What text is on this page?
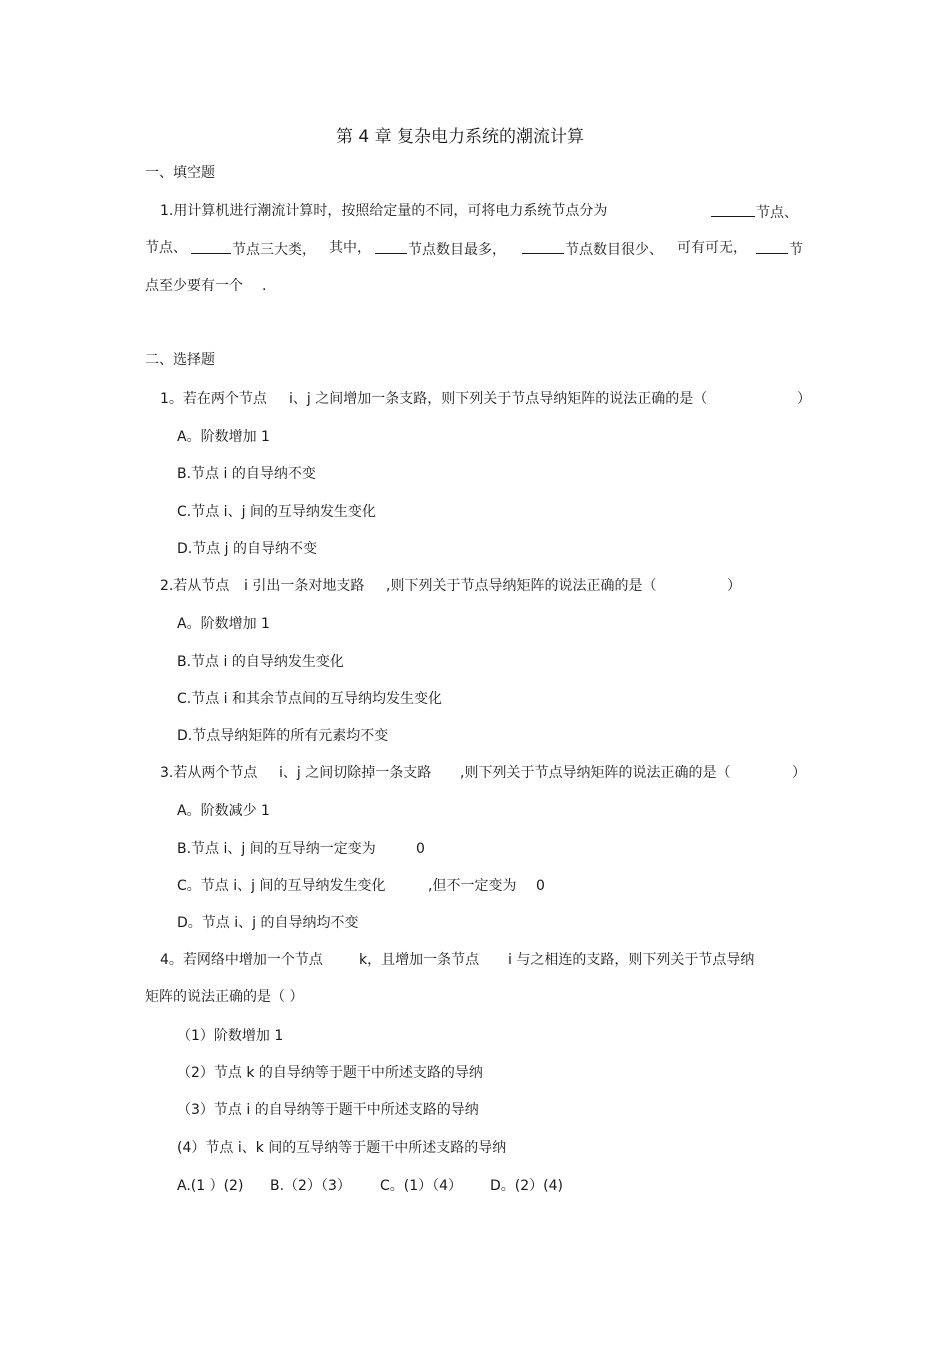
第 4 章 复杂电力系统的潮流计算
一、填空题
1.用计算机进行潮流计算时，按照给定量的不同，可将电力系统节点分为	节点、
节点、	节点三大类， 其中，	节点数目最多，	节点数目很少、 可有可无，	节
点至少要有一个 .
二、选择题
1。若在两个节点 i、j 之间增加一条支路，则下列关于节点导纳矩阵的说法正确的是（	）
A。阶数增加 1
B.节点 i 的自导纳不变
C.节点 i、j 间的互导纳发生变化
D.节点 j 的自导纳不变
2.若从节点 i 引出一条对地支路 ,则下列关于节点导纳矩阵的说法正确的是（	）
A。阶数增加 1
B.节点 i 的自导纳发生变化
C.节点 i 和其余节点间的互导纳均发生变化
D.节点导纳矩阵的所有元素均不变
3.若从两个节点 i、j 之间切除掉一条支路 ,则下列关于节点导纳矩阵的说法正确的是（	）
A。阶数减少 1
B.节点 i、j 间的互导纳一定变为	0
C。节点 i、j 间的互导纳发生变化	,但不一定变为 0
D。节点 i、j 的自导纳均不变
4。若网络中增加一个节点	k，且增加一条节点 i 与之相连的支路，则下列关于节点导纳
矩阵的说法正确的是（ ）
（1）阶数增加 1
（2）节点 k 的自导纳等于题干中所述支路的导纳
（3）节点 i 的自导纳等于题干中所述支路的导纳
(4）节点 i、k 间的互导纳等于题干中所述支路的导纳
A.(1 ）(2) B.（2）（3） C。(1）（4） D。(2）(4)
